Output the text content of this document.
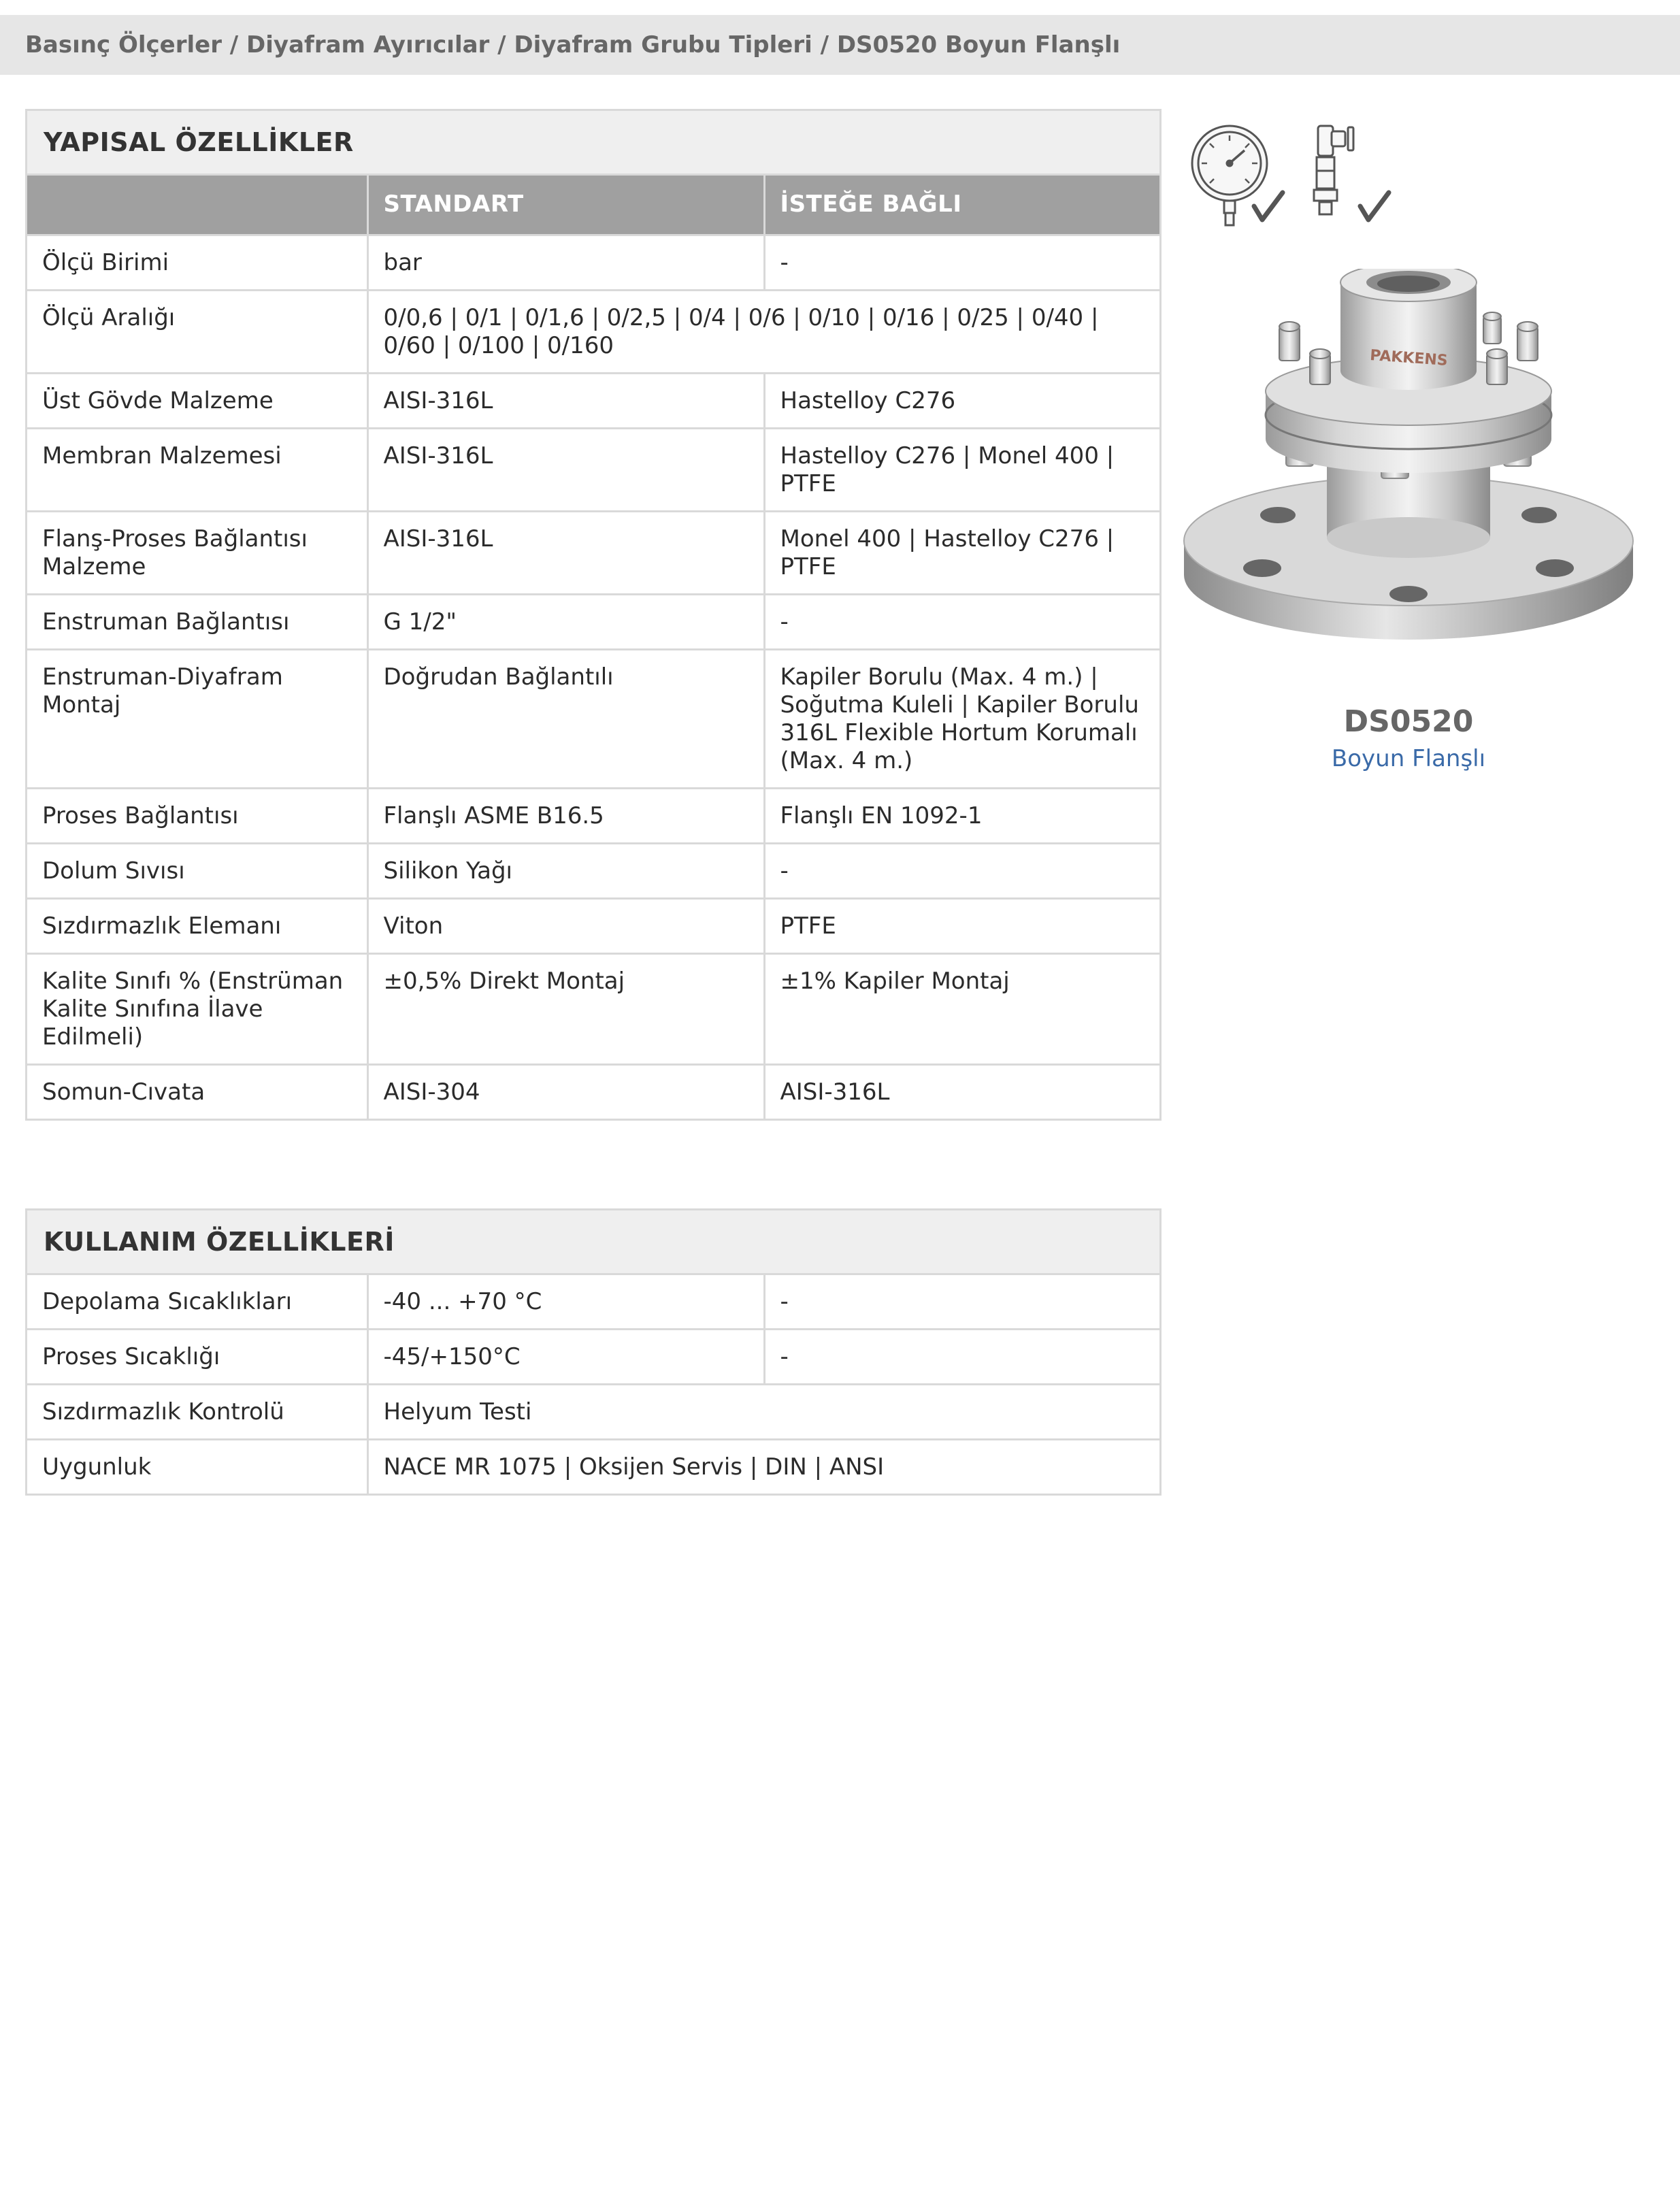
Basınç Ölçerler / Diyafram Ayırıcılar / Diyafram Grubu Tipleri / DS0520 Boyun Flanşlı
YAPISAL ÖZELLİKLER
	STANDART	İSTEĞE BAĞLI
Ölçü Birimi	bar	-
Ölçü Aralığı	0/0,6 | 0/1 | 0/1,6 | 0/2,5 | 0/4 | 0/6 | 0/10 | 0/16 | 0/25 | 0/40 | 0/60 | 0/100 | 0/160	
Üst Gövde Malzeme	AISI-316L	Hastelloy C276
Membran Malzemesi	AISI-316L	Hastelloy C276 | Monel 400 | PTFE
Flanş-Proses Bağlantısı Malzeme	AISI-316L	Monel 400 | Hastelloy C276 | PTFE
Enstruman Bağlantısı	G 1/2"	-
Enstruman-Diyafram Montaj	Doğrudan Bağlantılı	Kapiler Borulu (Max. 4 m.) | Soğutma Kuleli | Kapiler Borulu 316L Flexible Hortum Korumalı (Max. 4 m.)
Proses Bağlantısı	Flanşlı ASME B16.5	Flanşlı EN 1092-1
Dolum Sıvısı	Silikon Yağı	-
Sızdırmazlık Elemanı	Viton	PTFE
Kalite Sınıfı % (Enstrüman Kalite Sınıfına İlave Edilmeli)	±0,5% Direkt Montaj	±1% Kapiler Montaj
Somun-Cıvata	AISI-304	AISI-316L
KULLANIM ÖZELLİKLERİ
Depolama Sıcaklıkları	-40 ... +70 °C	-
Proses Sıcaklığı	-45/+150°C	-
Sızdırmazlık Kontrolü	Helyum Testi	
Uygunluk	NACE MR 1075 | Oksijen Servis | DIN | ANSI	
PAKKENS
DS0520
Boyun Flanşlı
